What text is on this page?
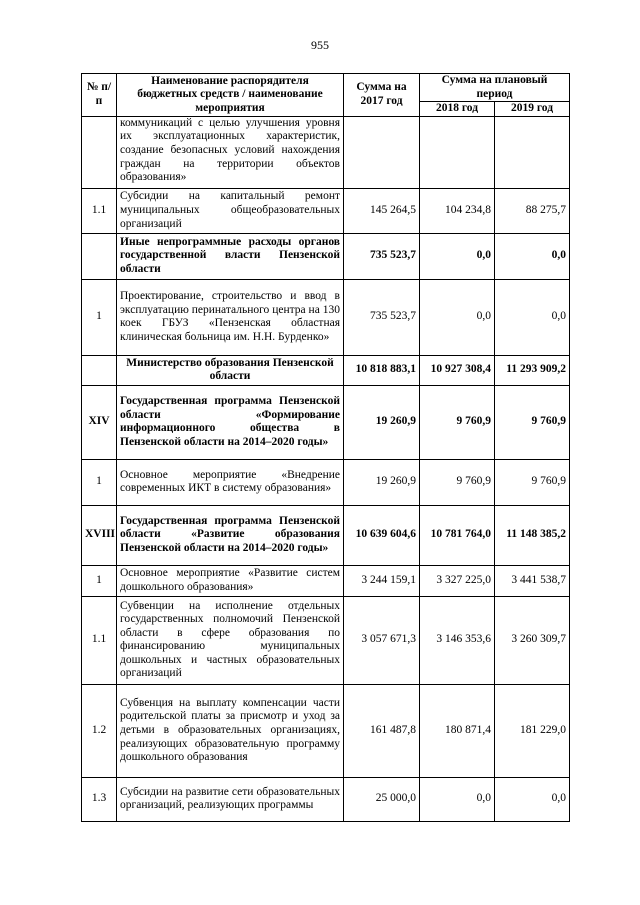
955
№ п/п	Наименование распорядителя бюджетных средств / наименование мероприятия	Сумма на 2017 год	Сумма на плановый период	
			2018 год	2019 год
	коммуникаций с целью улучшения уровня их эксплуатационных характеристик, создание безопасных условий нахождения граждан на территории объектов образования»			
1.1	Субсидии на капитальный ремонт муниципальных общеобразовательных организаций	145 264,5	104 234,8	88 275,7
	Иные непрограммные расходы органов государственной власти Пензенской области	735 523,7	0,0	0,0
1	Проектирование, строительство и ввод в эксплуатацию перинатального центра на 130 коек ГБУЗ «Пензенская областная клиническая больница им. Н.Н. Бурденко»	735 523,7	0,0	0,0
	Министерство образования Пензенской области	10 818 883,1	10 927 308,4	11 293 909,2
XIV	Государственная программа Пензенской области «Формирование информационного общества в Пензенской области на 2014–2020 годы»	19 260,9	9 760,9	9 760,9
1	Основное мероприятие «Внедрение современных ИКТ в систему образования»	19 260,9	9 760,9	9 760,9
XVIII	Государственная программа Пензенской области «Развитие образования Пензенской области на 2014–2020 годы»	10 639 604,6	10 781 764,0	11 148 385,2
1	Основное мероприятие «Развитие систем дошкольного образования»	3 244 159,1	3 327 225,0	3 441 538,7
1.1	Субвенции на исполнение отдельных государственных полномочий Пензенской области в сфере образования по финансированию муниципальных дошкольных и частных образовательных организаций	3 057 671,3	3 146 353,6	3 260 309,7
1.2	Субвенция на выплату компенсации части родительской платы за присмотр и уход за детьми в образовательных организациях, реализующих образовательную программу дошкольного образования	161 487,8	180 871,4	181 229,0
1.3	Субсидии на развитие сети образовательных организаций, реализующих программы	25 000,0	0,0	0,0
